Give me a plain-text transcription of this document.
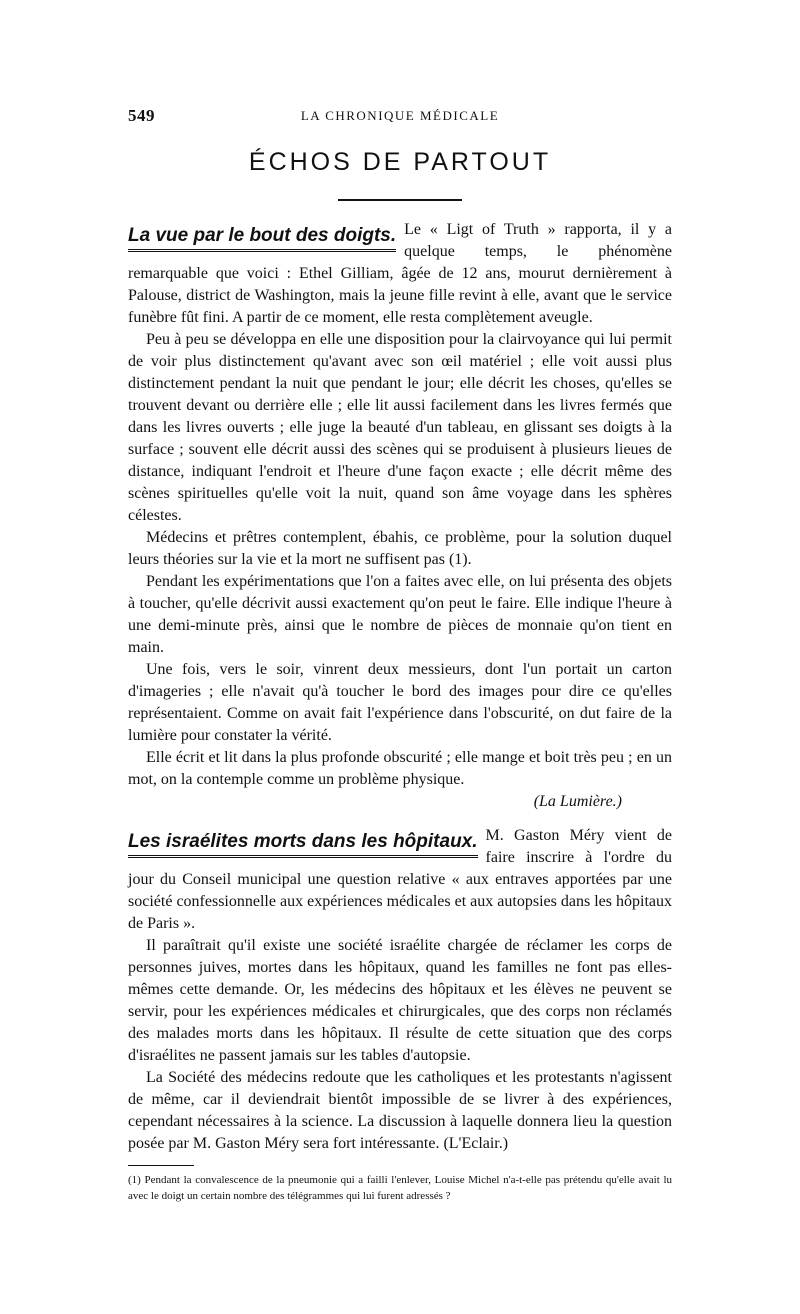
549	LA CHRONIQUE MÉDICALE
ÉCHOS DE PARTOUT

La vue par le bout des doigts. Le « Ligt of Truth » rapporta, il y a quelque temps, le phénomène remarquable que voici : Ethel Gilliam, âgée de 12 ans, mourut dernièrement à Palouse, district de Washington, mais la jeune fille revint à elle, avant que le service funèbre fût fini. A partir de ce moment, elle resta complètement aveugle.

Peu à peu se développa en elle une disposition pour la clairvoyance qui lui permit de voir plus distinctement qu'avant avec son œil matériel ; elle voit aussi plus distinctement pendant la nuit que pendant le jour; elle décrit les choses, qu'elles se trouvent devant ou derrière elle ; elle lit aussi facilement dans les livres fermés que dans les livres ouverts ; elle juge la beauté d'un tableau, en glissant ses doigts à la surface ; souvent elle décrit aussi des scènes qui se produisent à plusieurs lieues de distance, indiquant l'endroit et l'heure d'une façon exacte ; elle décrit même des scènes spirituelles qu'elle voit la nuit, quand son âme voyage dans les sphères célestes.

Médecins et prêtres contemplent, ébahis, ce problème, pour la solution duquel leurs théories sur la vie et la mort ne suffisent pas (1).

Pendant les expérimentations que l'on a faites avec elle, on lui présenta des objets à toucher, qu'elle décrivit aussi exactement qu'on peut le faire. Elle indique l'heure à une demi-minute près, ainsi que le nombre de pièces de monnaie qu'on tient en main.

Une fois, vers le soir, vinrent deux messieurs, dont l'un portait un carton d'imageries ; elle n'avait qu'à toucher le bord des images pour dire ce qu'elles représentaient. Comme on avait fait l'expérience dans l'obscurité, on dut faire de la lumière pour constater la vérité.

Elle écrit et lit dans la plus profonde obscurité ; elle mange et boit très peu ; en un mot, on la contemple comme un problème physique.

(La Lumière.)

Les israélites morts dans les hôpitaux. M. Gaston Méry vient de faire inscrire à l'ordre du jour du Conseil municipal une question relative « aux entraves apportées par une société confessionnelle aux expériences médicales et aux autopsies dans les hôpitaux de Paris ».

Il paraîtrait qu'il existe une société israélite chargée de réclamer les corps de personnes juives, mortes dans les hôpitaux, quand les familles ne font pas elles-mêmes cette demande. Or, les médecins des hôpitaux et les élèves ne peuvent se servir, pour les expériences médicales et chirurgicales, que des corps non réclamés des malades morts dans les hôpitaux. Il résulte de cette situation que des corps d'israélites ne passent jamais sur les tables d'autopsie.

La Société des médecins redoute que les catholiques et les protestants n'agissent de même, car il deviendrait bientôt impossible de se livrer à des expériences, cependant nécessaires à la science. La discussion à laquelle donnera lieu la question posée par M. Gaston Méry sera fort intéressante. (L'Eclair.)

(1) Pendant la convalescence de la pneumonie qui a failli l'enlever, Louise Michel n'a-t-elle pas prétendu qu'elle avait lu avec le doigt un certain nombre des télégrammes qui lui furent adressés ?
